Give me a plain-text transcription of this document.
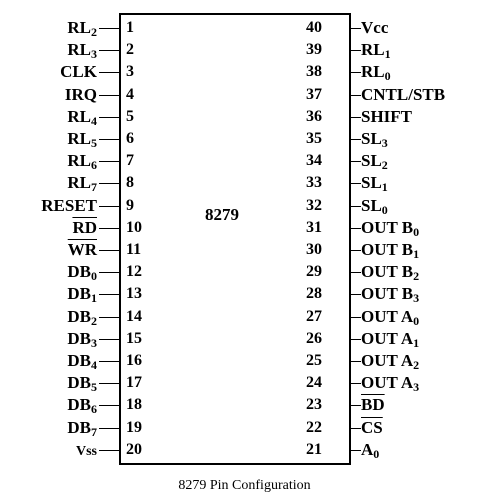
8279
$RL_2$ 1
$RL_3$ 2
CLK 3
IRQ 4
$RL_4$ 5
$RL_5$ 6
$RL_6$ 7
$RL_7$ 8
RESET 9
$\overline{RD}$ 10
$\overline{WR}$ 11
$DB_0$ 12
$DB_1$ 13
$DB_2$ 14
$DB_3$ 15
$DB_4$ 16
$DB_5$ 17
$DB_6$ 18
$DB_7$ 19
Vss 20
Vcc
40
$RL_1$
39
$RL_0$
38
CNTL/STB
37
SHIFT
36
$SL_3$
35
$SL_2$
34
$SL_1$
33
$SL_0$
32
OUT $B_0$
31
OUT $B_1$
30
OUT $B_2$
29
OUT $B_3$
28
OUT $A_0$
27
OUT $A_1$
26
OUT $A_2$
25
OUT $A_3$
24
$\overline{BD}$
23
$\overline{CS}$
22
$A_0$
21
8279 Pin Configuration
